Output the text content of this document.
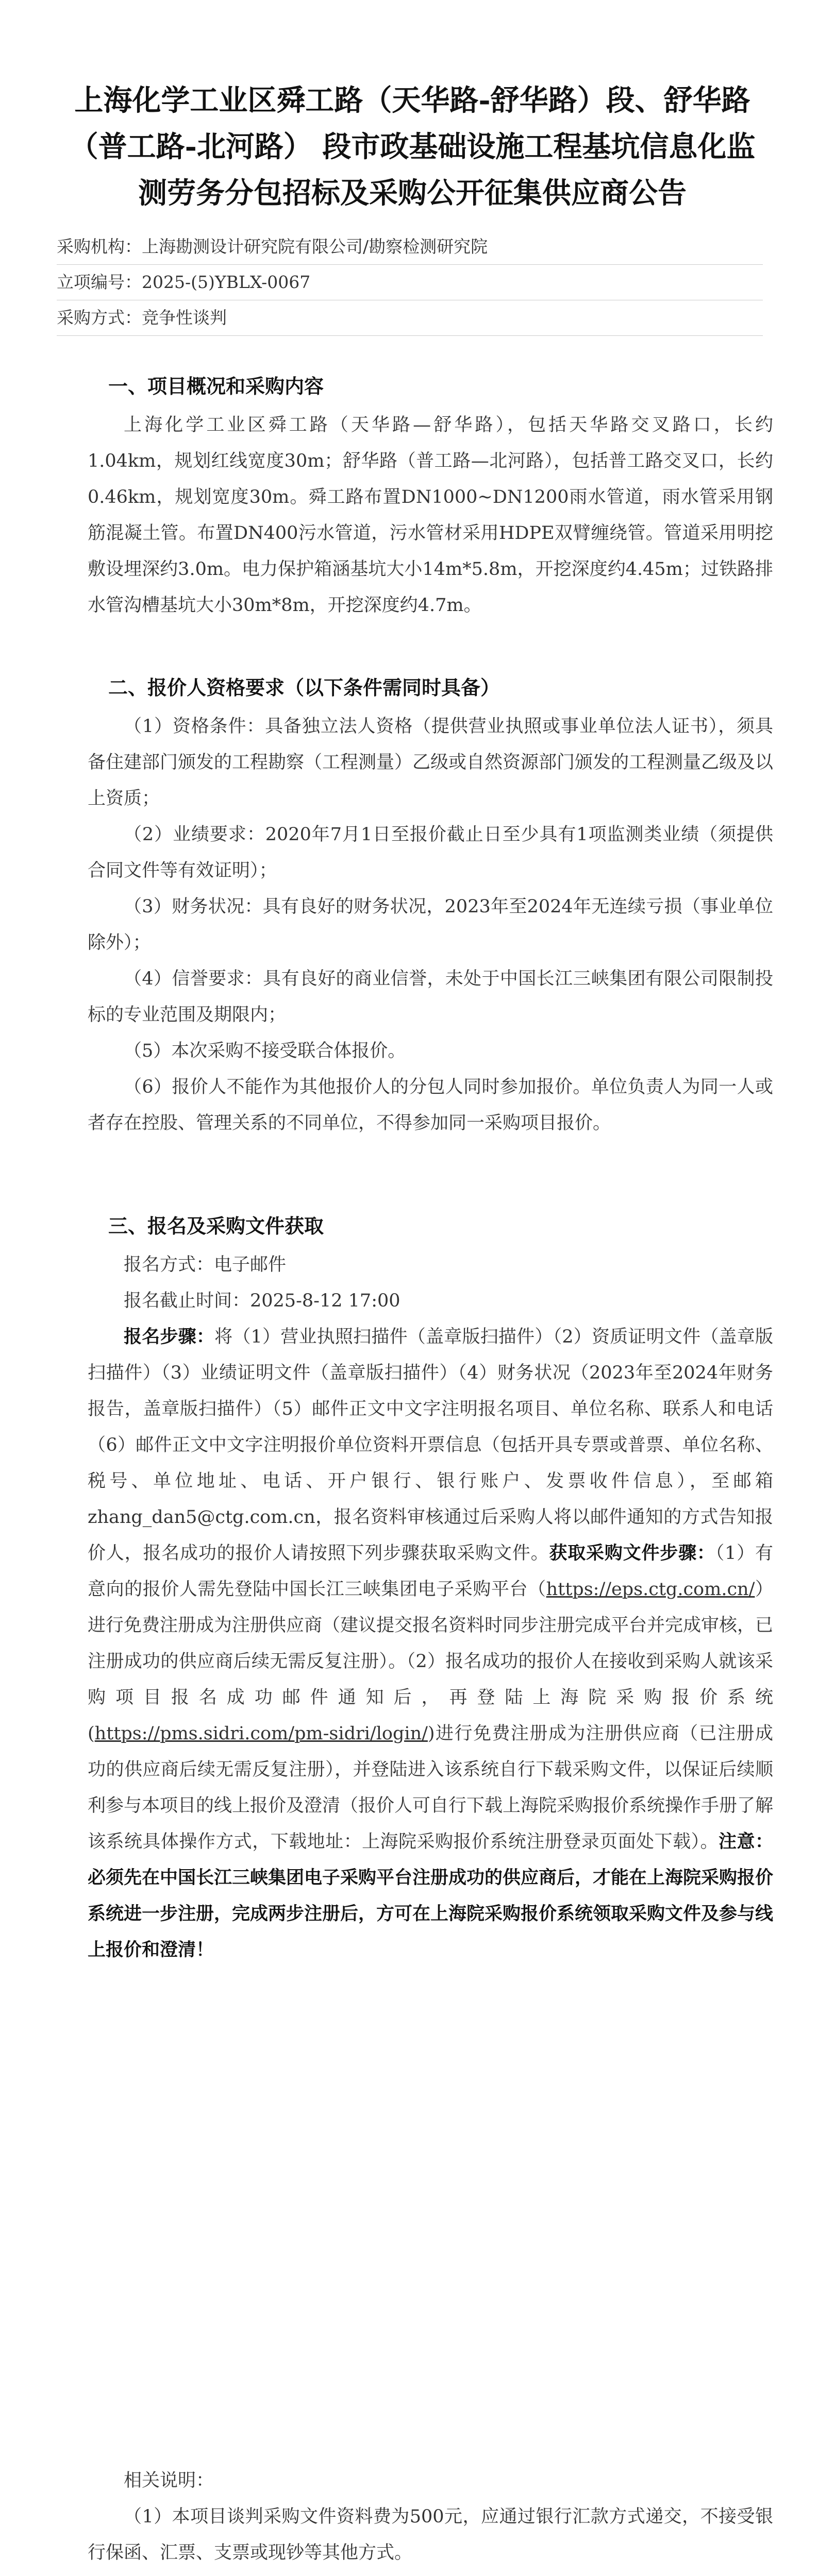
上海化学工业区舜工路（天华路-舒华路）段、舒华路（普工路-北河路） 段市政基础设施工程基坑信息化监测劳务分包招标及采购公开征集供应商公告
采购机构：上海勘测设计研究院有限公司/勘察检测研究院
立项编号：2025-(5)YBLX-0067
采购方式：竞争性谈判
一、项目概况和采购内容

上海化学工业区舜工路（天华路—舒华路），包括天华路交叉路口，长约1.04km，规划红线宽度30m；舒华路（普工路—北河路），包括普工路交叉口，长约0.46km，规划宽度30m。舜工路布置DN1000~DN1200雨水管道，雨水管采用钢筋混凝土管。布置DN400污水管道，污水管材采用HDPE双臂缠绕管。管道采用明挖敷设埋深约3.0m。电力保护箱涵基坑大小14m*5.8m，开挖深度约4.45m；过铁路排水管沟槽基坑大小30m*8m，开挖深度约4.7m。

二、报价人资格要求（以下条件需同时具备）

（1）资格条件：具备独立法人资格（提供营业执照或事业单位法人证书），须具备住建部门颁发的工程勘察（工程测量）乙级或自然资源部门颁发的工程测量乙级及以上资质；

（2）业绩要求：2020年7月1日至报价截止日至少具有1项监测类业绩（须提供合同文件等有效证明）；

（3）财务状况：具有良好的财务状况，2023年至2024年无连续亏损（事业单位除外）；

（4）信誉要求：具有良好的商业信誉，未处于中国长江三峡集团有限公司限制投标的专业范围及期限内；

（5）本次采购不接受联合体报价。

（6）报价人不能作为其他报价人的分包人同时参加报价。单位负责人为同一人或者存在控股、管理关系的不同单位，不得参加同一采购项目报价。

三、报名及采购文件获取

报名方式：电子邮件

报名截止时间：2025-8-12 17:00

报名步骤：将（1）营业执照扫描件（盖章版扫描件）（2）资质证明文件（盖章版扫描件）（3）业绩证明文件（盖章版扫描件）（4）财务状况（2023年至2024年财务报告，盖章版扫描件）（5）邮件正文中文字注明报名项目、单位名称、联系人和电话（6）邮件正文中文字注明报价单位资料开票信息（包括开具专票或普票、单位名称、税号、单位地址、电话、开户银行、银行账户、发票收件信息），至邮箱 zhang_dan5@ctg.com.cn，报名资料审核通过后采购人将以邮件通知的方式告知报价人，报名成功的报价人请按照下列步骤获取采购文件。获取采购文件步骤：（1）有意向的报价人需先登陆中国长江三峡集团电子采购平台（https://eps.ctg.com.cn/）进行免费注册成为注册供应商（建议提交报名资料时同步注册完成平台并完成审核，已注册成功的供应商后续无需反复注册）。（2）报名成功的报价人在接收到采购人就该采购项目报名成功邮件通知后，再登陆上海院采购报价系统(https://pms.sidri.com/pm-sidri/login/)进行免费注册成为注册供应商（已注册成功的供应商后续无需反复注册），并登陆进入该系统自行下载采购文件，以保证后续顺利参与本项目的线上报价及澄清（报价人可自行下载上海院采购报价系统操作手册了解该系统具体操作方式，下载地址：上海院采购报价系统注册登录页面处下载）。注意：必须先在中国长江三峡集团电子采购平台注册成功的供应商后，才能在上海院采购报价系统进一步注册，完成两步注册后，方可在上海院采购报价系统领取采购文件及参与线上报价和澄清！

相关说明：

（1）本项目谈判采购文件资料费为500元，应通过银行汇款方式递交，不接受银行保函、汇票、支票或现钞等其他方式。
